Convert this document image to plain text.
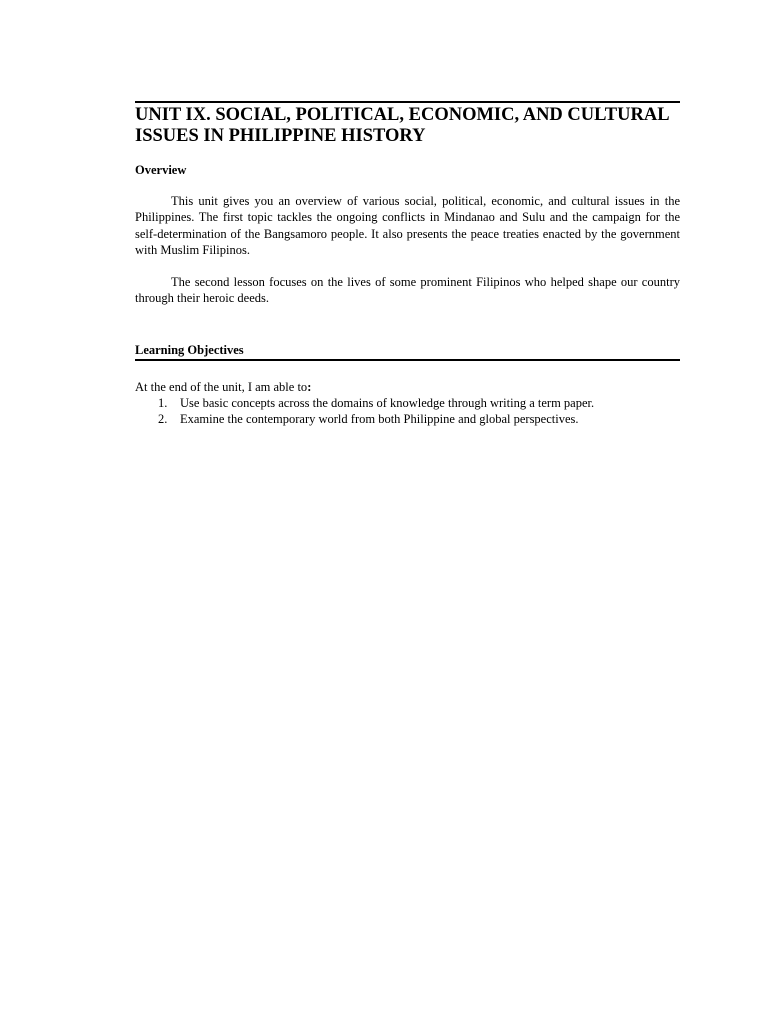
UNIT IX. SOCIAL, POLITICAL, ECONOMIC, AND CULTURAL
ISSUES IN PHILIPPINE HISTORY
Overview

This unit gives you an overview of various social, political, economic, and cultural issues in the Philippines. The first topic tackles the ongoing conflicts in Mindanao and Sulu and the campaign for the self-determination of the Bangsamoro people. It also presents the peace treaties enacted by the government with Muslim Filipinos.

The second lesson focuses on the lives of some prominent Filipinos who helped shape our country through their heroic deeds.

Learning Objectives

At the end of the unit, I am able to:

1.	Use basic concepts across the domains of knowledge through writing a term paper.
2.	Examine the contemporary world from both Philippine and global perspectives.
